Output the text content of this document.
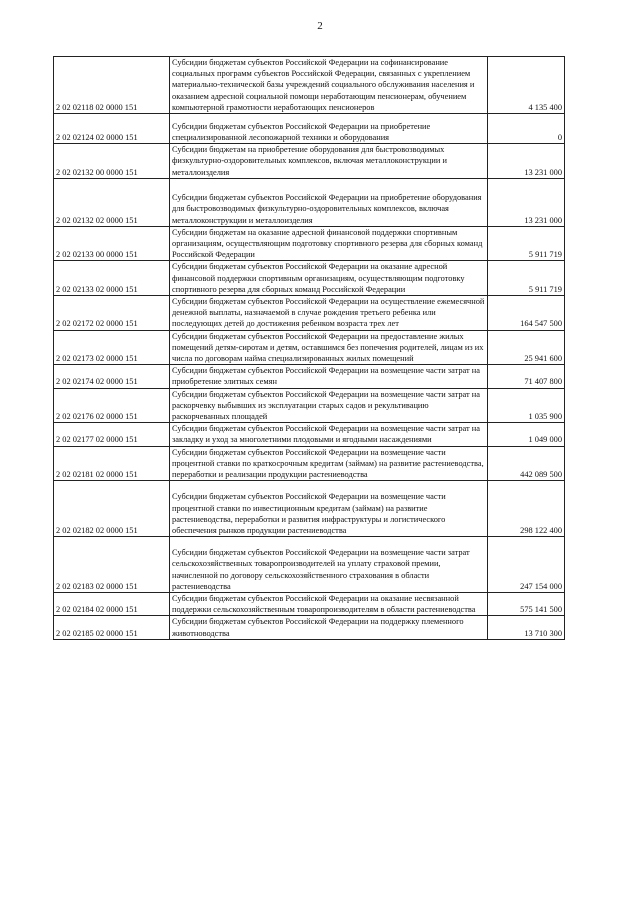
2
2 02 02118 02 0000 151	Субсидии бюджетам субъектов Российской Федерации на софинансирование социальных программ субъектов Российской Федерации, связанных с укреплением материально-технической базы учреждений социального обслуживания населения и оказанием адресной социальной помощи неработающим пенсионерам, обучением компьютерной грамотности неработающих пенсионеров	4 135 400
2 02 02124 02 0000 151	Субсидии бюджетам субъектов Российской Федерации на приобретение специализированной лесопожарной техники и оборудования	0
2 02 02132 00 0000 151	Субсидии бюджетам на приобретение оборудования для быстровозводимых физкультурно-оздоровительных комплексов, включая металлоконструкции и металлоизделия	13 231 000
2 02 02132 02 0000 151	Субсидии бюджетам субъектов Российской Федерации на приобретение оборудования для быстровозводимых физкультурно-оздоровительных комплексов, включая металлоконструкции и металлоизделия	13 231 000
2 02 02133 00 0000 151	Субсидии бюджетам на оказание адресной финансовой поддержки спортивным организациям, осуществляющим подготовку спортивного резерва для сборных команд Российской Федерации	5 911 719
2 02 02133 02 0000 151	Субсидии бюджетам субъектов Российской Федерации на оказание адресной финансовой поддержки спортивным организациям, осуществляющим подготовку спортивного резерва для сборных команд Российской Федерации	5 911 719
2 02 02172 02 0000 151	Субсидии бюджетам субъектов Российской Федерации на осуществление ежемесячной денежной выплаты, назначаемой в случае рождения третьего ребенка или последующих детей до достижения ребенком возраста трех лет	164 547 500
2 02 02173 02 0000 151	Субсидии бюджетам субъектов Российской Федерации на предоставление жилых помещений детям-сиротам и детям, оставшимся без попечения родителей, лицам из их числа по договорам найма специализированных жилых помещений	25 941 600
2 02 02174 02 0000 151	Субсидии бюджетам субъектов Российской Федерации на возмещение части затрат на приобретение элитных семян	71 407 800
2 02 02176 02 0000 151	Субсидии бюджетам субъектов Российской Федерации на возмещение части затрат на раскорчевку выбывших из эксплуатации старых садов и рекультивацию раскорчеванных площадей	1 035 900
2 02 02177 02 0000 151	Субсидии бюджетам субъектов Российской Федерации на возмещение части затрат на закладку и уход за многолетними плодовыми и ягодными насаждениями	1 049 000
2 02 02181 02 0000 151	Субсидии бюджетам субъектов Российской Федерации на возмещение части процентной ставки по краткосрочным кредитам (займам) на развитие растениеводства, переработки и реализации продукции растениеводства	442 089 500
2 02 02182 02 0000 151	Субсидии бюджетам субъектов Российской Федерации на возмещение части процентной ставки по инвестиционным кредитам (займам) на развитие растениеводства, переработки и развития инфраструктуры и логистического обеспечения рынков продукции растениеводства	298 122 400
2 02 02183 02 0000 151	Субсидии бюджетам субъектов Российской Федерации на возмещение части затрат сельскохозяйственных товаропроизводителей на уплату страховой премии, начисленной по договору сельскохозяйственного страхования в области растениеводства	247 154 000
2 02 02184 02 0000 151	Субсидии бюджетам субъектов Российской Федерации на оказание несвязанной поддержки сельскохозяйственным товаропроизводителям в области растениеводства	575 141 500
2 02 02185 02 0000 151	Субсидии бюджетам субъектов Российской Федерации на поддержку племенного животноводства	13 710 300
